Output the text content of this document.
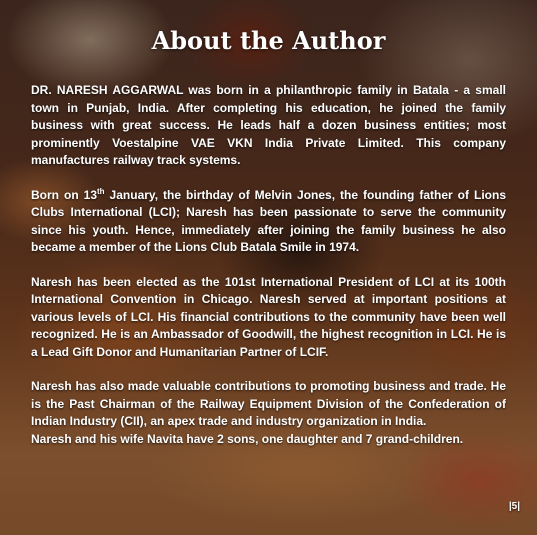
About the Author

DR. NARESH AGGARWAL was born in a philanthropic family in Batala - a small town in Punjab, India. After completing his education, he joined the family business with great success. He leads half a dozen business entities; most prominently Voestalpine VAE VKN India Private Limited. This company manufactures railway track systems.

Born on 13th January, the birthday of Melvin Jones, the founding father of Lions Clubs International (LCI); Naresh has been passionate to serve the community since his youth. Hence, immediately after joining the family business he also became a member of the Lions Club Batala Smile in 1974.

Naresh has been elected as the 101st International President of LCI at its 100th International Convention in Chicago. Naresh served at important positions at various levels of LCI. His financial contributions to the community have been well recognized. He is an Ambassador of Goodwill, the highest recognition in LCI. He is a Lead Gift Donor and Humanitarian Partner of LCIF.

Naresh has also made valuable contributions to promoting business and trade. He is the Past Chairman of the Railway Equipment Division of the Confederation of Indian Industry (CII), an apex trade and industry organization in India.

Naresh and his wife Navita have 2 sons, one daughter and 7 grand-children.

|5|
